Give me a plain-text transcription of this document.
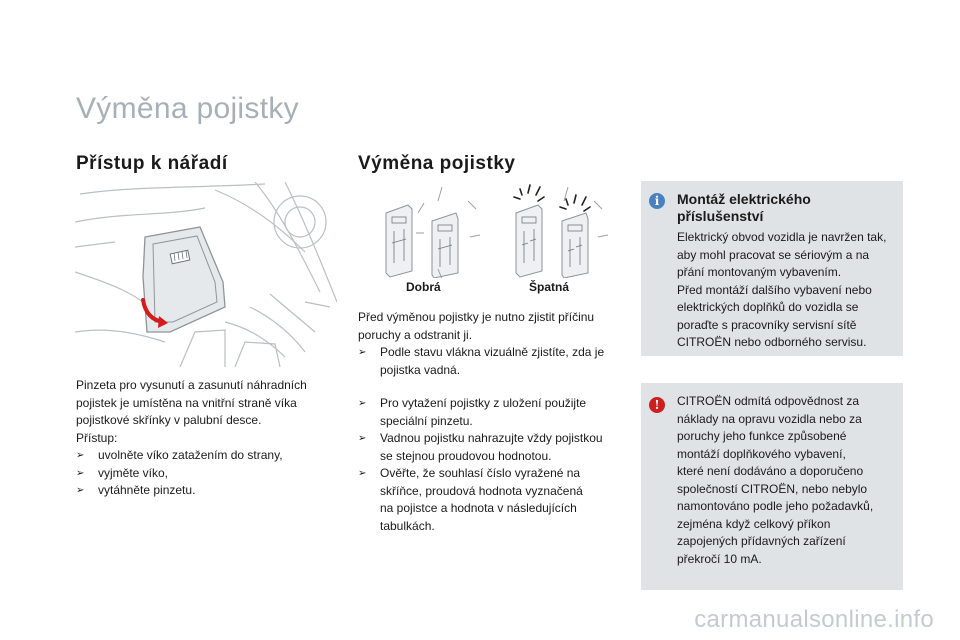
Výměna pojistky
Přístup k nářadí
Pinzeta pro vysunutí a zasunutí náhradních
pojistek je umístěna na vnitřní straně víka
pojistkové skřínky v palubní desce.
Přístup:
➢ uvolněte víko zatažením do strany,
➢ vyjměte víko,
➢ vytáhněte pinzetu.
Výměna pojistky
Dobrá	Špatná
Před výměnou pojistky je nutno zjistit příčinu
poruchy a odstranit ji.
➢ Podle stavu vlákna vizuálně zjistíte, zda je
pojistka vadná.
➢ Pro vytažení pojistky z uložení použijte
speciální pinzetu.
➢ Vadnou pojistku nahrazujte vždy pojistkou
se stejnou proudovou hodnotou.
➢ Ověřte, že souhlasí číslo vyražené na
skříňce, proudová hodnota vyznačená
na pojistce a hodnota v následujících
tabulkách.
i	Montáž elektrického
příslušenství
Elektrický obvod vozidla je navržen tak,
aby mohl pracovat se sériovým a na
přání montovaným vybavením.
Před montáží dalšího vybavení nebo
elektrických doplňků do vozidla se
poraďte s pracovníky servisní sítě
CITROËN nebo odborného servisu.
!	CITROËN odmítá odpovědnost za
náklady na opravu vozidla nebo za
poruchy jeho funkce způsobené
montáží doplňkového vybavení,
které není dodáváno a doporučeno
společností CITROËN, nebo nebylo
namontováno podle jeho požadavků,
zejména když celkový příkon
zapojených přídavných zařízení
překročí 10 mA.
carmanualsonline.info
